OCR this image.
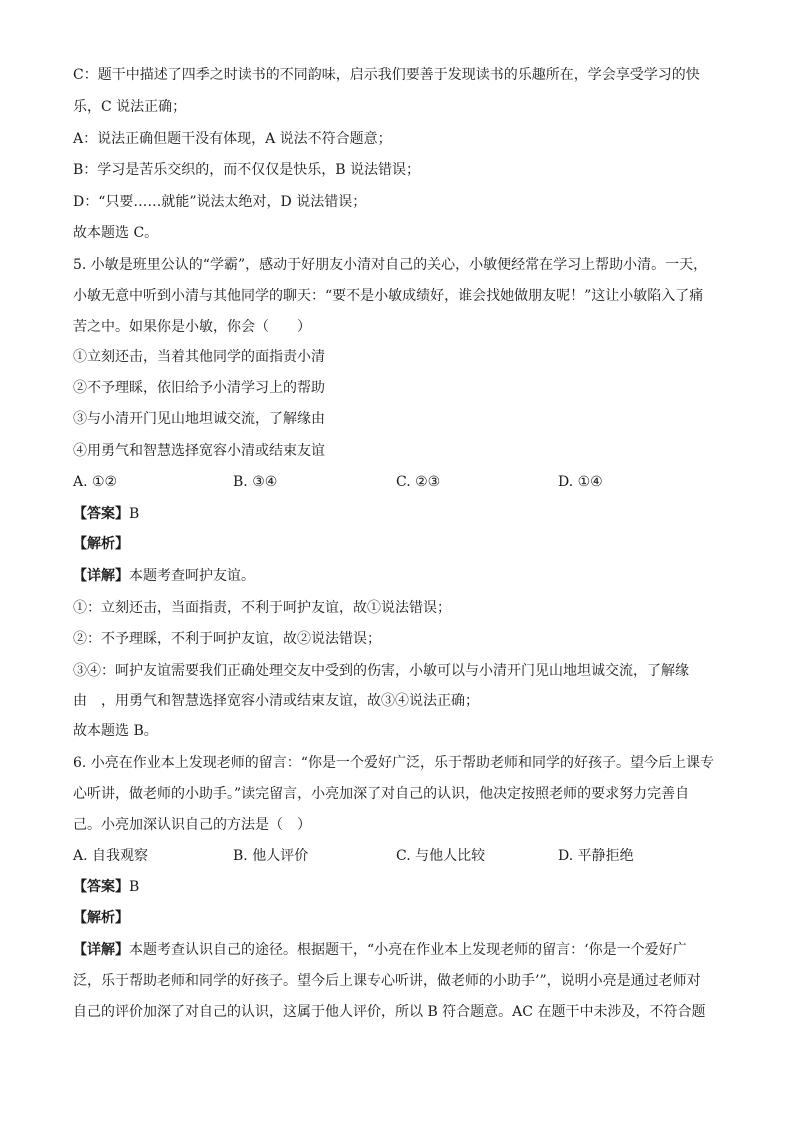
C：题干中描述了四季之时读书的不同韵味，启示我们要善于发现读书的乐趣所在，学会享受学习的快
乐，C 说法正确；
A：说法正确但题干没有体现，A 说法不符合题意；
B：学习是苦乐交织的，而不仅仅是快乐，B 说法错误；
D：“只要……就能”说法太绝对，D 说法错误；
故本题选 C。
5. 小敏是班里公认的“学霸”，感动于好朋友小清对自己的关心，小敏便经常在学习上帮助小清。一天，
小敏无意中听到小清与其他同学的聊天：“要不是小敏成绩好，谁会找她做朋友呢！”这让小敏陷入了痛
苦之中。如果你是小敏，你会（　　）
①立刻还击，当着其他同学的面指责小清
②不予理睬，依旧给予小清学习上的帮助
③与小清开门见山地坦诚交流，了解缘由
④用勇气和智慧选择宽容小清或结束友谊
A. ①②	B. ③④	C. ②③	D. ①④
【答案】B
【解析】
【详解】本题考查呵护友谊。
①：立刻还击，当面指责，不利于呵护友谊，故①说法错误；
②：不予理睬，不利于呵护友谊，故②说法错误；
③④：呵护友谊需要我们正确处理交友中受到的伤害，小敏可以与小清开门见山地坦诚交流，了解缘
由　，用勇气和智慧选择宽容小清或结束友谊，故③④说法正确；
故本题选 B。
6. 小亮在作业本上发现老师的留言：“你是一个爱好广泛，乐于帮助老师和同学的好孩子。望今后上课专
心听讲，做老师的小助手。”读完留言，小亮加深了对自己的认识，他决定按照老师的要求努力完善自
己。小亮加深认识自己的方法是（　）
A. 自我观察	B. 他人评价	C. 与他人比较	D. 平静拒绝
【答案】B
【解析】
【详解】本题考查认识自己的途径。根据题干，“小亮在作业本上发现老师的留言：‘你是一个爱好广
泛，乐于帮助老师和同学的好孩子。望今后上课专心听讲，做老师的小助手’”，说明小亮是通过老师对
自己的评价加深了对自己的认识，这属于他人评价，所以 B 符合题意。AC 在题干中未涉及，不符合题
